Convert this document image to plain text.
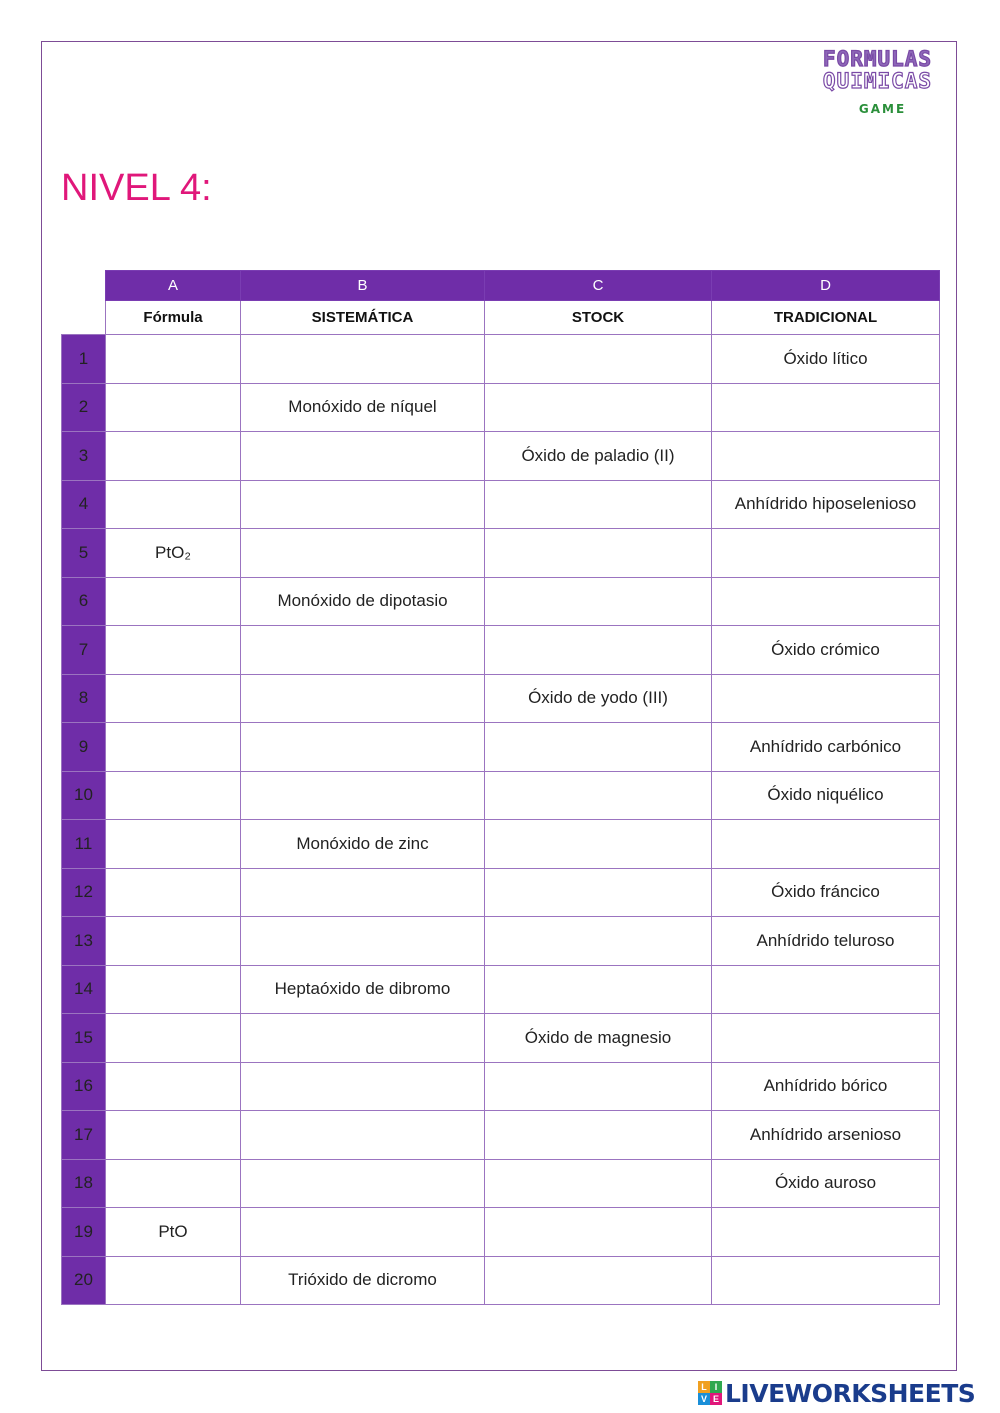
FORMULAS
QUIMICAS
GAME
NIVEL 4:
	A	B	C	D
	Fórmula	SISTEMÁTICA	STOCK	TRADICIONAL
1				Óxido lítico
2		Monóxido de níquel		
3			Óxido de paladio (II)	
4				Anhídrido hiposelenioso
5	PtO₂			
6		Monóxido de dipotasio		
7				Óxido crómico
8			Óxido de yodo (III)	
9				Anhídrido carbónico
10				Óxido niquélico
11		Monóxido de zinc		
12				Óxido fráncico
13				Anhídrido teluroso
14		Heptaóxido de dibromo		
15			Óxido de magnesio	
16				Anhídrido bórico
17				Anhídrido arsenioso
18				Óxido auroso
19	PtO			
20		Trióxido de dicromo		
L I
V E LIVEWORKSHEETS
